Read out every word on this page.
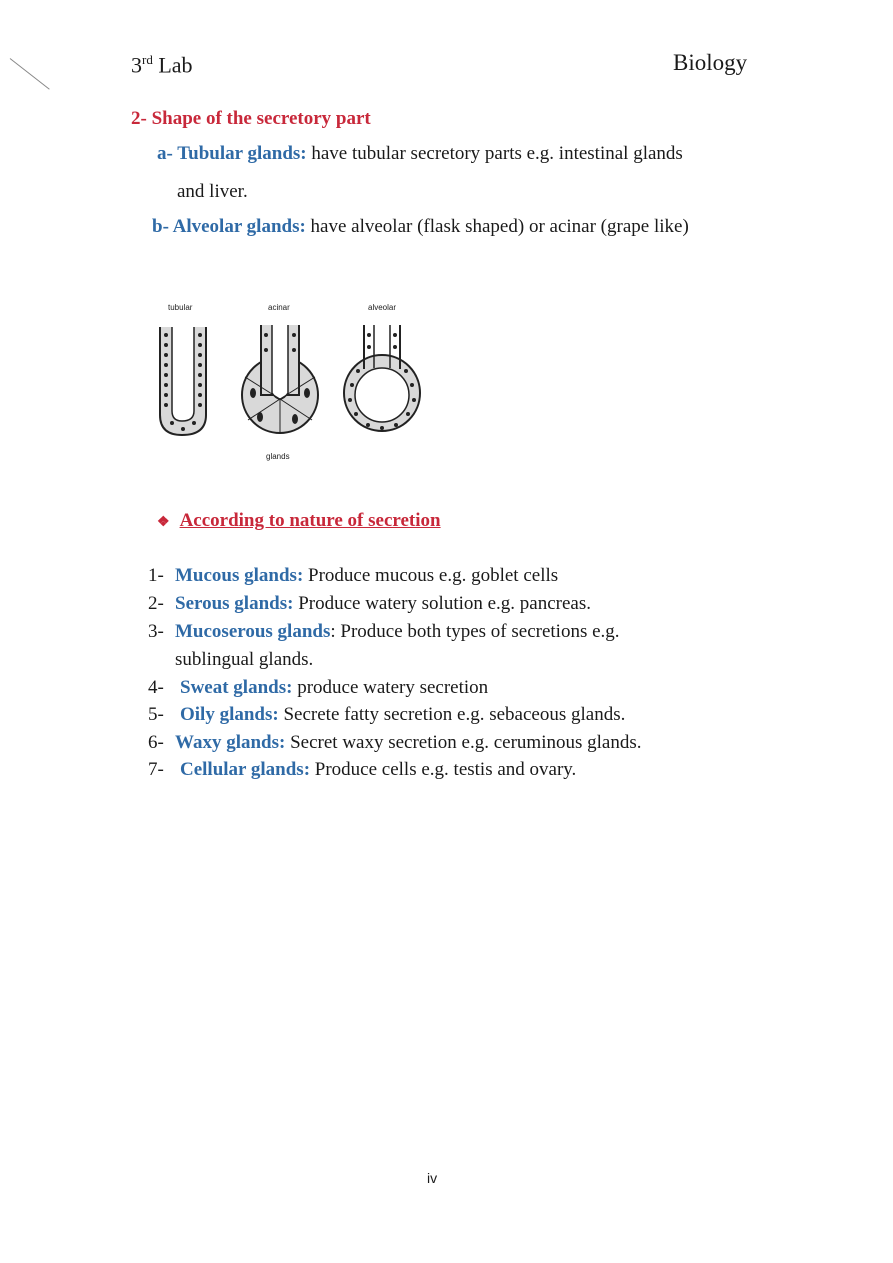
3rd Lab	Biology
2- Shape of the secretory part
a- Tubular glands: have tubular secretory parts e.g. intestinal glands
and liver.
b- Alveolar glands: have alveolar (flask shaped) or acinar (grape like)
tubular	acinar	alveolar
glands
❖ According to nature of secretion
1- Mucous glands: Produce mucous e.g. goblet cells
2- Serous glands: Produce watery solution e.g. pancreas.
3- Mucoserous glands: Produce both types of secretions e.g.
sublingual glands.
4- Sweat glands: produce watery secretion
5- Oily glands: Secrete fatty secretion e.g. sebaceous glands.
6- Waxy glands: Secret waxy secretion e.g. ceruminous glands.
7- Cellular glands: Produce cells e.g. testis and ovary.
iv
